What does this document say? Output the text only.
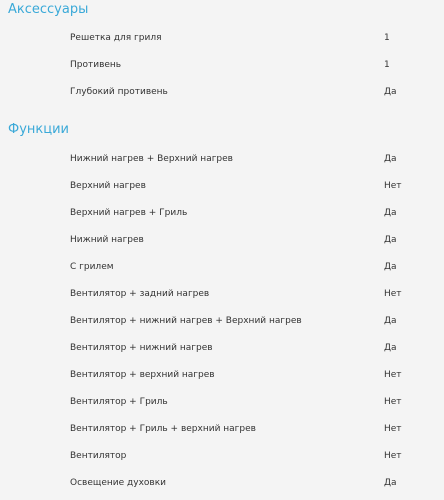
Аксессуары
Решетка для гриля	1
Противень	1
Глубокий противень	Да
Функции
Нижний нагрев + Верхний нагрев	Да
Верхний нагрев	Нет
Верхний нагрев + Гриль	Да
Нижний нагрев	Да
С грилем	Да
Вентилятор + задний нагрев	Нет
Вентилятор + нижний нагрев + Верхний нагрев	Да
Вентилятор + нижний нагрев	Да
Вентилятор + верхний нагрев	Нет
Вентилятор + Гриль	Нет
Вентилятор + Гриль + верхний нагрев	Нет
Вентилятор	Нет
Освещение духовки	Да
